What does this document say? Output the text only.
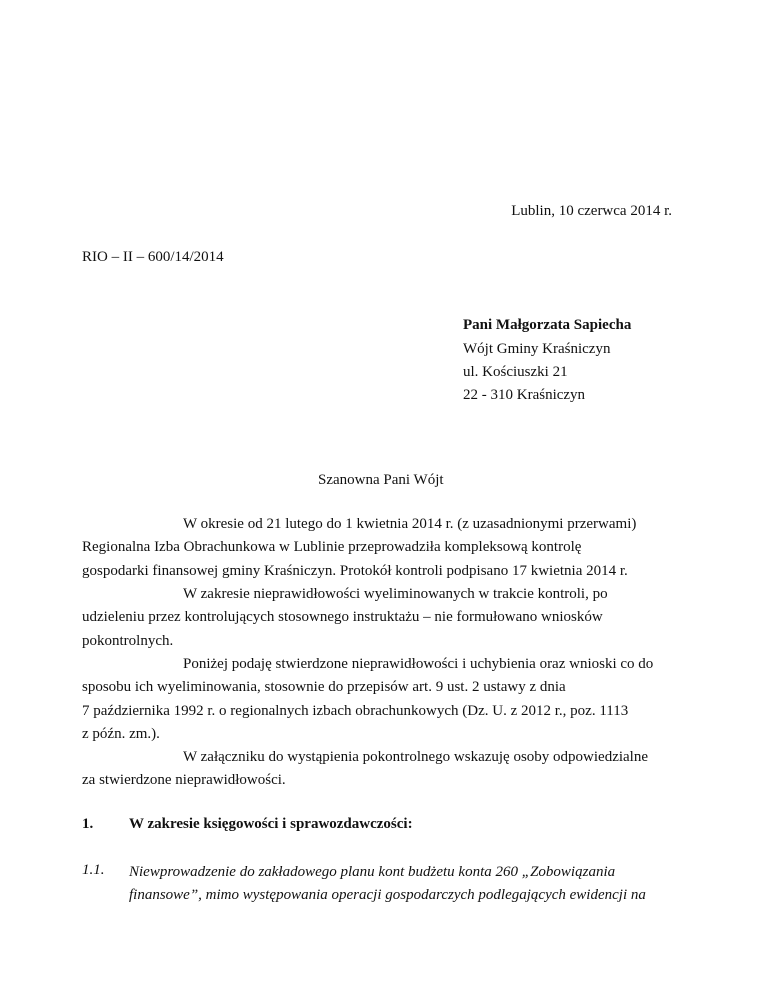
Lublin, 10 czerwca 2014 r.
RIO – II – 600/14/2014
Pani Małgorzata Sapiecha
Wójt Gminy Kraśniczyn
ul. Kościuszki 21
22 - 310 Kraśniczyn
Szanowna Pani Wójt
W okresie od 21 lutego do 1 kwietnia 2014 r. (z uzasadnionymi przerwami)
Regionalna Izba Obrachunkowa w Lublinie przeprowadziła kompleksową kontrolę
gospodarki finansowej gminy Kraśniczyn. Protokół kontroli podpisano 17 kwietnia 2014 r.
W zakresie nieprawidłowości wyeliminowanych w trakcie kontroli, po
udzieleniu przez kontrolujących stosownego instruktażu – nie formułowano wniosków
pokontrolnych.
Poniżej podaję stwierdzone nieprawidłowości i uchybienia oraz wnioski co do
sposobu ich wyeliminowania, stosownie do przepisów art. 9 ust. 2 ustawy z dnia
7 października 1992 r. o regionalnych izbach obrachunkowych (Dz. U. z 2012 r., poz. 1113
z późn. zm.).
W załączniku do wystąpienia pokontrolnego wskazuję osoby odpowiedzialne
za stwierdzone nieprawidłowości.
1. W zakresie księgowości i sprawozdawczości:
1.1. Niewprowadzenie do zakładowego planu kont budżetu konta 260 „Zobowiązania
finansowe”, mimo występowania operacji gospodarczych podlegających ewidencji na
